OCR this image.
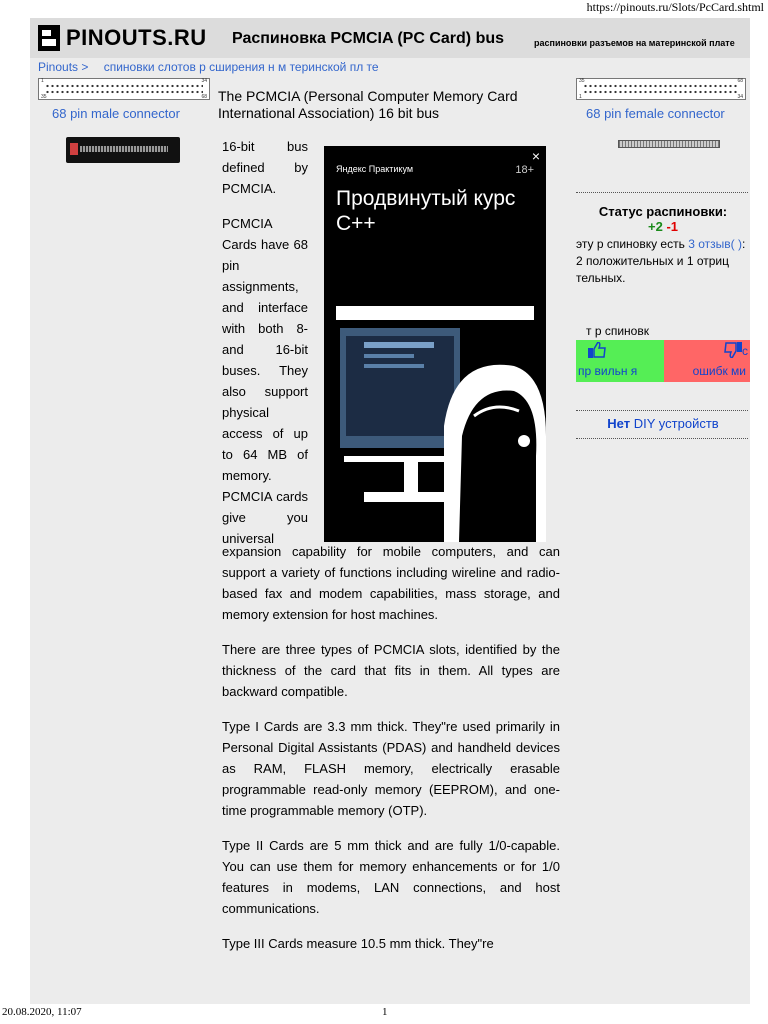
https://pinouts.ru/Slots/PcCard.shtml
PINOUTS.RU Распиновка PCMCIA (PC Card) bus	распиновки разъемов на материнской плате
Pinouts > спиновки слотов р сширения н м теринской пл те
1	34
35	68
35	68
1	34
68 pin male connector	68 pin female connector
The PCMCIA (Personal Computer Memory Card International Association) 16 bit bus

16-bit bus defined by PCMCIA.

PCMCIA Cards have 68 pin assignments, and interface with both 8- and 16-bit buses. They also support physical access of up to 64 MB of memory. PCMCIA cards give you universal

Яндекс Практикум	18+
×
Продвинутый курс С++

expansion capability for mobile computers, and can support a variety of functions including wireline and radio-based fax and modem capabilities, mass storage, and memory extension for host machines.

There are three types of PCMCIA slots, identified by the thickness of the card that fits in them. All types are backward compatible.

Type I Cards are 3.3 mm thick. They"re used primarily in Personal Digital Assistants (PDAS) and handheld devices as RAM, FLASH memory, electrically erasable programmable read-only memory (EEPROM), and one-time programmable memory (OTP).

Type II Cards are 5 mm thick and are fully 1/0-capable. You can use them for memory enhancements or for 1/0 features in modems, LAN connections, and host communications.

Type III Cards measure 10.5 mm thick. They"re

Статус распиновки:
+2 -1
эту р спиновку есть 3 отзыв( ): 2 положительных и 1 отриц тельных.
т р спиновк
пр вильн я
с
ошибк ми
Нет DIY устройств
20.08.2020, 11:07	1
